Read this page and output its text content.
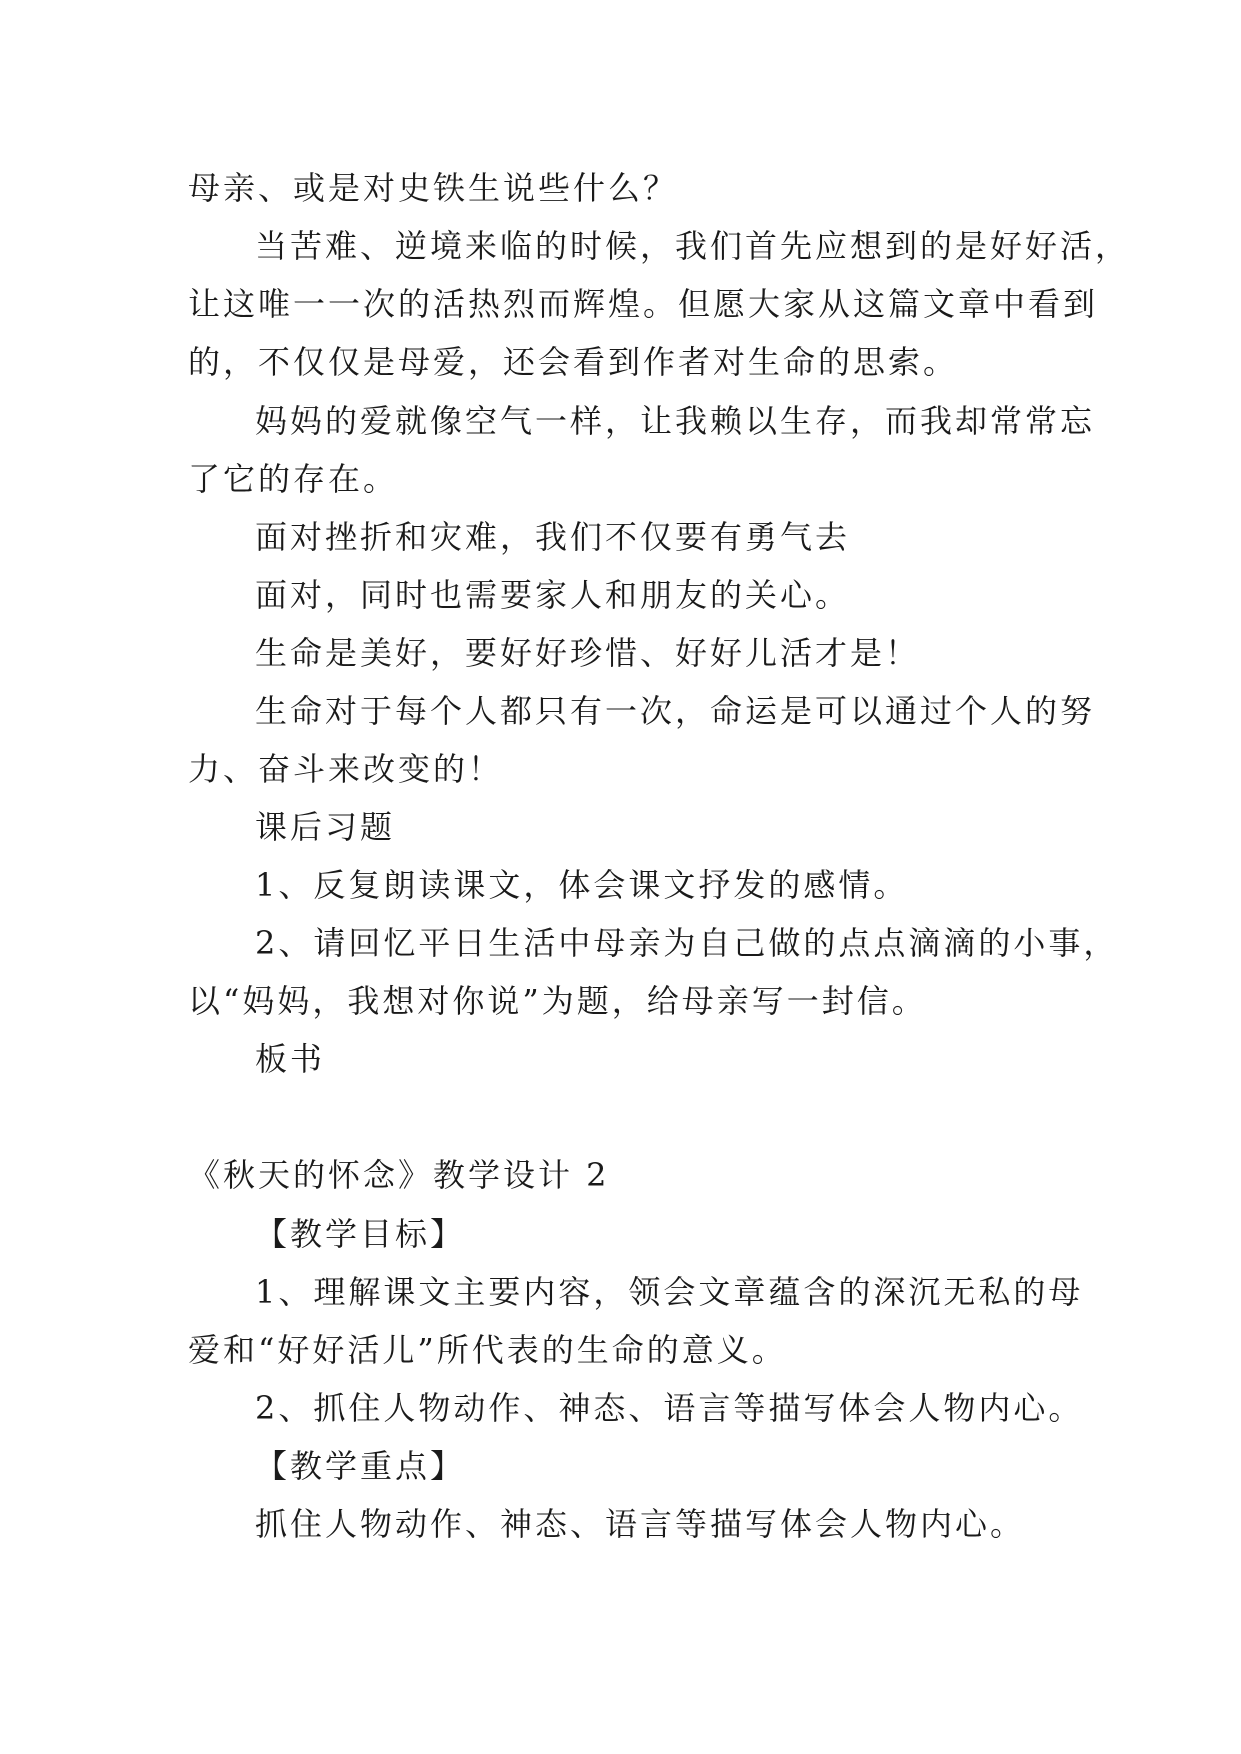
母亲、或是对史铁生说些什么？
当苦难、逆境来临的时候，我们首先应想到的是好好活，
让这唯一一次的活热烈而辉煌。但愿大家从这篇文章中看到
的，不仅仅是母爱，还会看到作者对生命的思索。
妈妈的爱就像空气一样，让我赖以生存，而我却常常忘
了它的存在。
面对挫折和灾难，我们不仅要有勇气去
面对，同时也需要家人和朋友的关心。
生命是美好，要好好珍惜、好好儿活才是！
生命对于每个人都只有一次，命运是可以通过个人的努
力、奋斗来改变的！
课后习题
1、反复朗读课文，体会课文抒发的感情。
2、请回忆平日生活中母亲为自己做的点点滴滴的小事，
以“妈妈，我想对你说”为题，给母亲写一封信。
板书
《秋天的怀念》教学设计 2
【教学目标】
1、理解课文主要内容，领会文章蕴含的深沉无私的母
爱和“好好活儿”所代表的生命的意义。
2、抓住人物动作、神态、语言等描写体会人物内心。
【教学重点】
抓住人物动作、神态、语言等描写体会人物内心。
